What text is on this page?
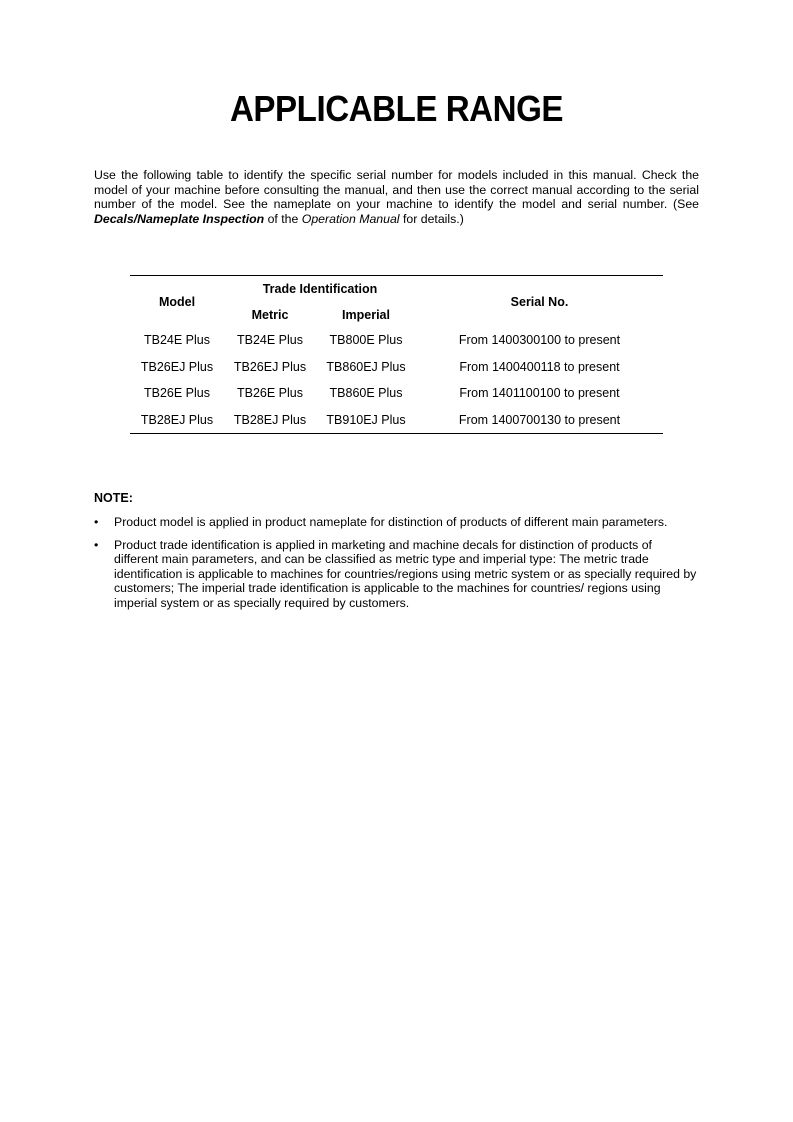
APPLICABLE RANGE

Use the following table to identify the specific serial number for models included in this manual. Check the model of your machine before consulting the manual, and then use the correct manual according to the serial number of the model. See the nameplate on your machine to identify the model and serial number. (See Decals/Nameplate Inspection of the Operation Manual for details.)

Model	Trade Identification		Serial No.
	Metric	Imperial	
TB24E Plus	TB24E Plus	TB800E Plus	From 1400300100 to present
TB26EJ Plus	TB26EJ Plus	TB860EJ Plus	From 1400400118 to present
TB26E Plus	TB26E Plus	TB860E Plus	From 1401100100 to present
TB28EJ Plus	TB28EJ Plus	TB910EJ Plus	From 1400700130 to present

NOTE:

• Product model is applied in product nameplate for distinction of products of different main parameters.
• Product trade identification is applied in marketing and machine decals for distinction of products of different main parameters, and can be classified as metric type and imperial type: The metric trade identification is applicable to machines for countries/regions using metric system or as specially required by customers; The imperial trade identification is applicable to the machines for countries/ regions using imperial system or as specially required by customers.
